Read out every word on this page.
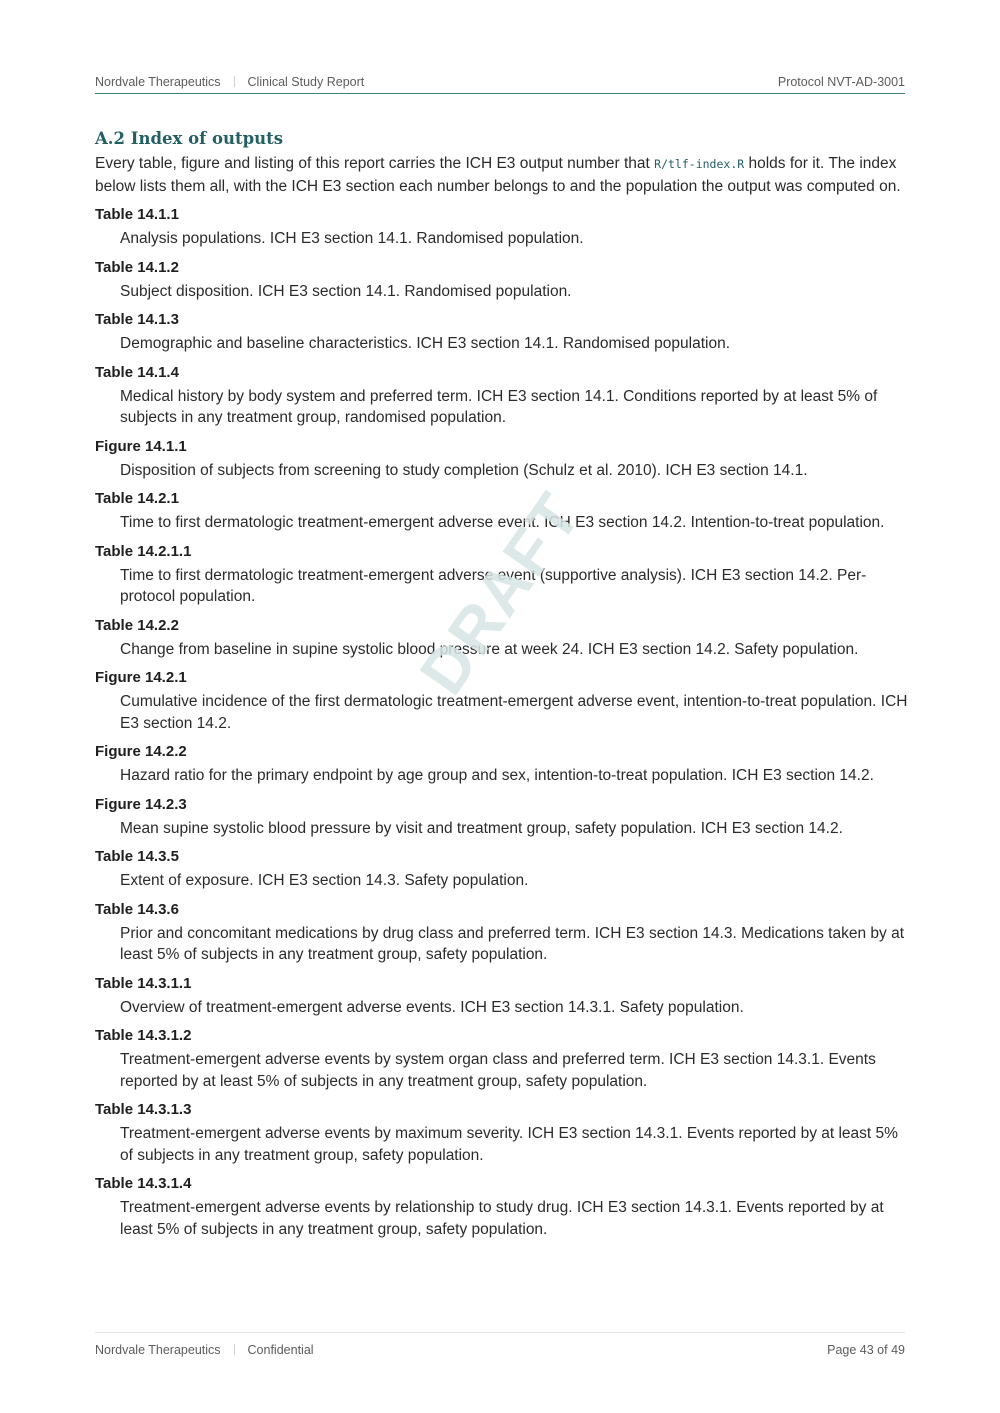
Nordvale Therapeutics Clinical Study Report	Protocol NVT-AD-3001
A.2 Index of outputs

Every table, figure and listing of this report carries the ICH E3 output number that R/tlf-index.R holds for it. The index below lists them all, with the ICH E3 section each number belongs to and the population the output was computed on.

Table 14.1.1
Analysis populations. ICH E3 section 14.1. Randomised population.
Table 14.1.2
Subject disposition. ICH E3 section 14.1. Randomised population.
Table 14.1.3
Demographic and baseline characteristics. ICH E3 section 14.1. Randomised population.
Table 14.1.4
Medical history by body system and preferred term. ICH E3 section 14.1. Conditions reported by at least 5% of subjects in any treatment group, randomised population.
Figure 14.1.1
Disposition of subjects from screening to study completion (Schulz et al. 2010). ICH E3 section 14.1.
Table 14.2.1
Time to first dermatologic treatment-emergent adverse event. ICH E3 section 14.2. Intention-to-treat population.
Table 14.2.1.1
Time to first dermatologic treatment-emergent adverse event (supportive analysis). ICH E3 section 14.2. Per-protocol population.
Table 14.2.2
Change from baseline in supine systolic blood pressure at week 24. ICH E3 section 14.2. Safety population.
Figure 14.2.1
Cumulative incidence of the first dermatologic treatment-emergent adverse event, intention-to-treat population. ICH E3 section 14.2.
Figure 14.2.2
Hazard ratio for the primary endpoint by age group and sex, intention-to-treat population. ICH E3 section 14.2.
Figure 14.2.3
Mean supine systolic blood pressure by visit and treatment group, safety population. ICH E3 section 14.2.
Table 14.3.5
Extent of exposure. ICH E3 section 14.3. Safety population.
Table 14.3.6
Prior and concomitant medications by drug class and preferred term. ICH E3 section 14.3. Medications taken by at least 5% of subjects in any treatment group, safety population.
Table 14.3.1.1
Overview of treatment-emergent adverse events. ICH E3 section 14.3.1. Safety population.
Table 14.3.1.2
Treatment-emergent adverse events by system organ class and preferred term. ICH E3 section 14.3.1. Events reported by at least 5% of subjects in any treatment group, safety population.
Table 14.3.1.3
Treatment-emergent adverse events by maximum severity. ICH E3 section 14.3.1. Events reported by at least 5% of subjects in any treatment group, safety population.
Table 14.3.1.4
Treatment-emergent adverse events by relationship to study drug. ICH E3 section 14.3.1. Events reported by at least 5% of subjects in any treatment group, safety population.
DRAFT
Nordvale Therapeutics Confidential	Page 43 of 49
